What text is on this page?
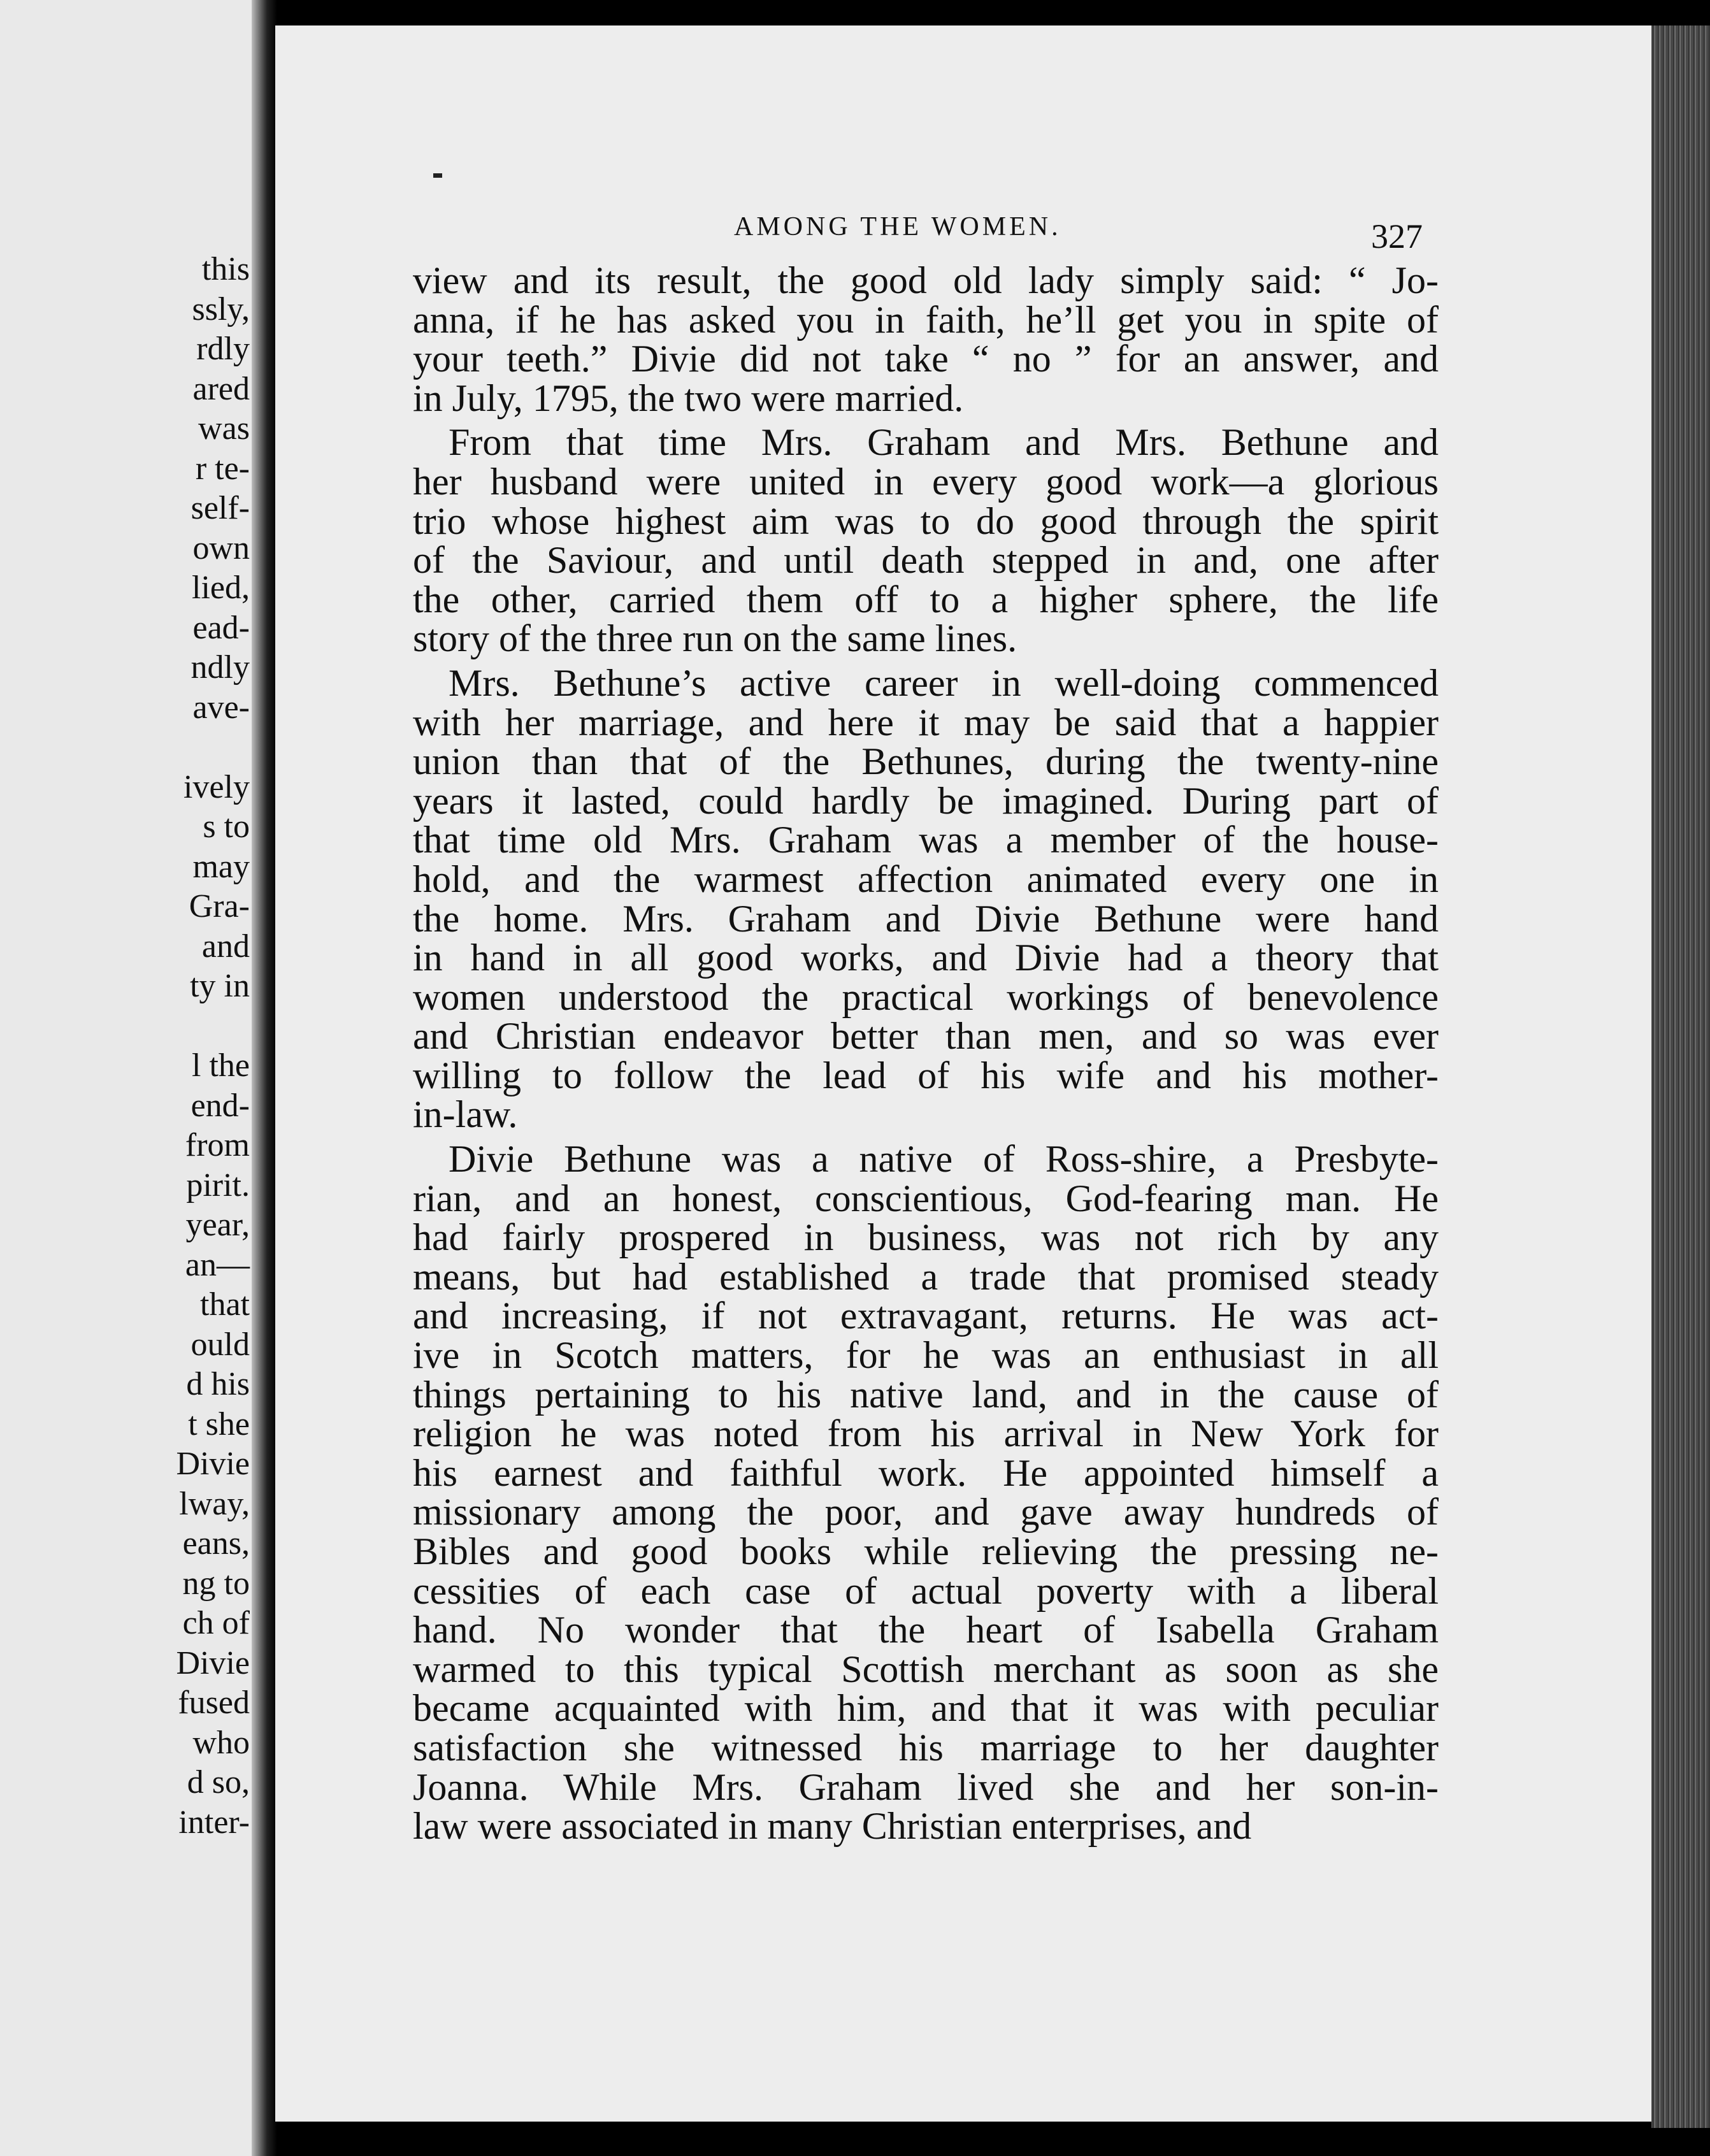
this
ssly,
rdly
ared
was
r te-
self-
own
lied,
ead-
ndly
ave-
ively
s to
may
Gra-
and
ty in
l the
end-
from
pirit.
year,
an—
that
ould
d his
t she
Divie
lway,
eans,
ng to
ch of
Divie
fused
who
d so,
inter-
AMONG THE WOMEN.	327
view and its result, the good old lady simply said: “ Jo-
anna, if he has asked you in faith, he’ll get you in spite of
your teeth.” Divie did not take “ no ” for an answer, and
in July, 1795, the two were married.
From that time Mrs. Graham and Mrs. Bethune and
her husband were united in every good work—a glorious
trio whose highest aim was to do good through the spirit
of the Saviour, and until death stepped in and, one after
the other, carried them off to a higher sphere, the life
story of the three run on the same lines.
Mrs. Bethune’s active career in well-doing commenced
with her marriage, and here it may be said that a happier
union than that of the Bethunes, during the twenty-nine
years it lasted, could hardly be imagined. During part of
that time old Mrs. Graham was a member of the house-
hold, and the warmest affection animated every one in
the home. Mrs. Graham and Divie Bethune were hand
in hand in all good works, and Divie had a theory that
women understood the practical workings of benevolence
and Christian endeavor better than men, and so was ever
willing to follow the lead of his wife and his mother-
in-law.
Divie Bethune was a native of Ross-shire, a Presbyte-
rian, and an honest, conscientious, God-fearing man. He
had fairly prospered in business, was not rich by any
means, but had established a trade that promised steady
and increasing, if not extravagant, returns. He was act-
ive in Scotch matters, for he was an enthusiast in all
things pertaining to his native land, and in the cause of
religion he was noted from his arrival in New York for
his earnest and faithful work. He appointed himself a
missionary among the poor, and gave away hundreds of
Bibles and good books while relieving the pressing ne-
cessities of each case of actual poverty with a liberal
hand. No wonder that the heart of Isabella Graham
warmed to this typical Scottish merchant as soon as she
became acquainted with him, and that it was with peculiar
satisfaction she witnessed his marriage to her daughter
Joanna. While Mrs. Graham lived she and her son-in-
law were associated in many Christian enterprises, and
